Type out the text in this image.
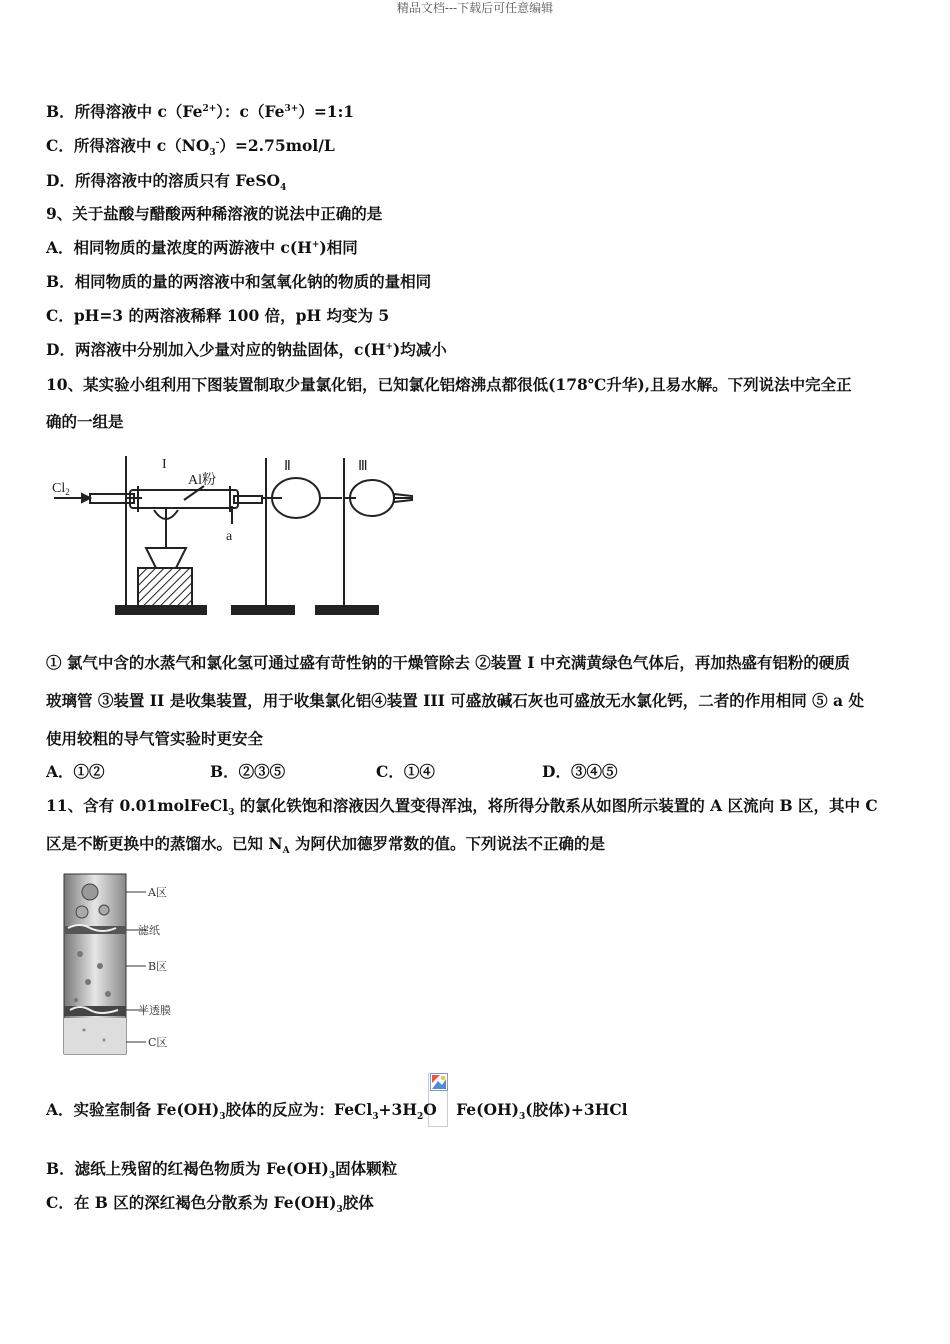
精品文档---下载后可任意编辑
B．所得溶液中 $c(Fe^{2+})$：$c(Fe^{3+})=1:1$
C．所得溶液中 $c(NO_3^-)=2.75mol/L$
D．所得溶液中的溶质只有 FeSO$_4$
9、关于盐酸与醋酸两种稀溶液的说法中正确的是
A．相同物质的量浓度的两游液中 c(H+)相同
B．相同物质的量的两溶液中和氢氧化钠的物质的量相同
C．pH=3 的两溶液稀释 100 倍，pH 均变为 5
D．两溶液中分别加入少量对应的钠盐固体，c(H+)均减小
10、某实验小组利用下图装置制取少量氯化铝，已知氯化铝熔沸点都很低(178℃升华),且易水解。下列说法中完全正
确的一组是
$Cl_2$
I
Al粉
Ⅱ	Ⅲ
a
① 氯气中含的水蒸气和氯化氢可通过盛有苛性钠的干燥管除去 ②装置 I 中充满黄绿色气体后，再加热盛有铝粉的硬质
玻璃管 ③装置 II 是收集装置，用于收集氯化铝④装置 III 可盛放碱石灰也可盛放无水氯化钙，二者的作用相同 ⑤ a 处
使用较粗的导气管实验时更安全
A．①②	B．②③⑤	C．①④	D．③④⑤
11、含有 0.01molFeCl$_3$ 的氯化铁饱和溶液因久置变得浑浊，将所得分散系从如图所示装置的 A 区流向 B 区，其中 C
区是不断更换中的蒸馏水。已知 $N_A$ 为阿伏加德罗常数的值。下列说法不正确的是
A区
滤纸
B区
半透膜
C区
A．实验室制备 $Fe(OH)_3$胶体的反应为：$FeCl_3+3H_2O$ $Fe(OH)_3$(胶体)+3HCl
B．滤纸上残留的红褐色物质为 $Fe(OH)_3$固体颗粒
C．在 B 区的深红褐色分散系为 $Fe(OH)_3$胶体
